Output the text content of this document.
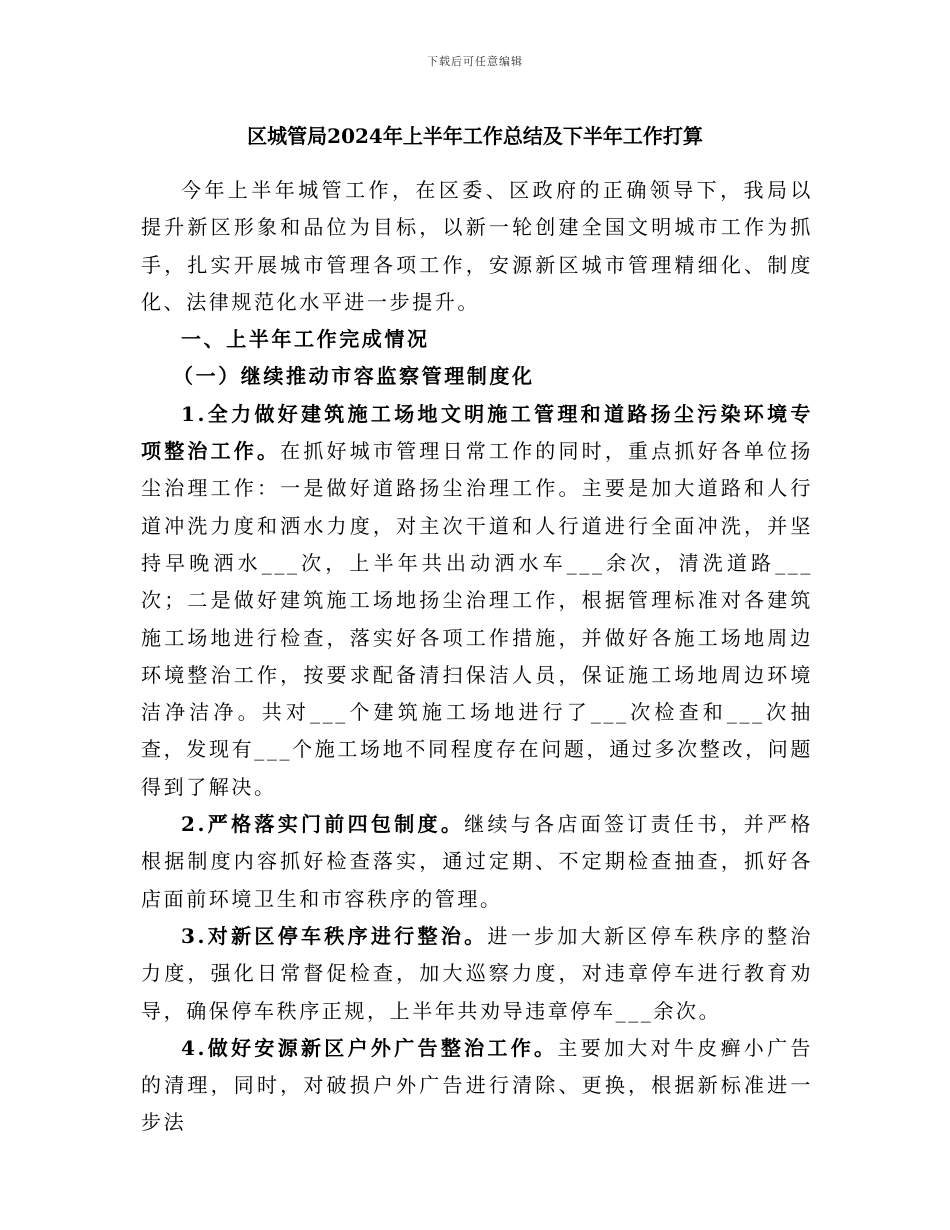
下载后可任意编辑
区城管局2024年上半年工作总结及下半年工作打算

今年上半年城管工作，在区委、区政府的正确领导下，我局以提升新区形象和品位为目标，以新一轮创建全国文明城市工作为抓手，扎实开展城市管理各项工作，安源新区城市管理精细化、制度化、法律规范化水平进一步提升。

一、上半年工作完成情况

（一）继续推动市容监察管理制度化

1.全力做好建筑施工场地文明施工管理和道路扬尘污染环境专项整治工作。在抓好城市管理日常工作的同时，重点抓好各单位扬尘治理工作：一是做好道路扬尘治理工作。主要是加大道路和人行道冲洗力度和洒水力度，对主次干道和人行道进行全面冲洗，并坚持早晚洒水___次，上半年共出动洒水车___余次，清洗道路___次；二是做好建筑施工场地扬尘治理工作，根据管理标准对各建筑施工场地进行检查，落实好各项工作措施，并做好各施工场地周边环境整治工作，按要求配备清扫保洁人员，保证施工场地周边环境洁净洁净。共对___个建筑施工场地进行了___次检查和___次抽查，发现有___个施工场地不同程度存在问题，通过多次整改，问题得到了解决。

2.严格落实门前四包制度。继续与各店面签订责任书，并严格根据制度内容抓好检查落实，通过定期、不定期检查抽查，抓好各店面前环境卫生和市容秩序的管理。

3.对新区停车秩序进行整治。进一步加大新区停车秩序的整治力度，强化日常督促检查，加大巡察力度，对违章停车进行教育劝导，确保停车秩序正规，上半年共劝导违章停车___余次。

4.做好安源新区户外广告整治工作。主要加大对牛皮癣小广告的清理，同时，对破损户外广告进行清除、更换，根据新标准进一步法
